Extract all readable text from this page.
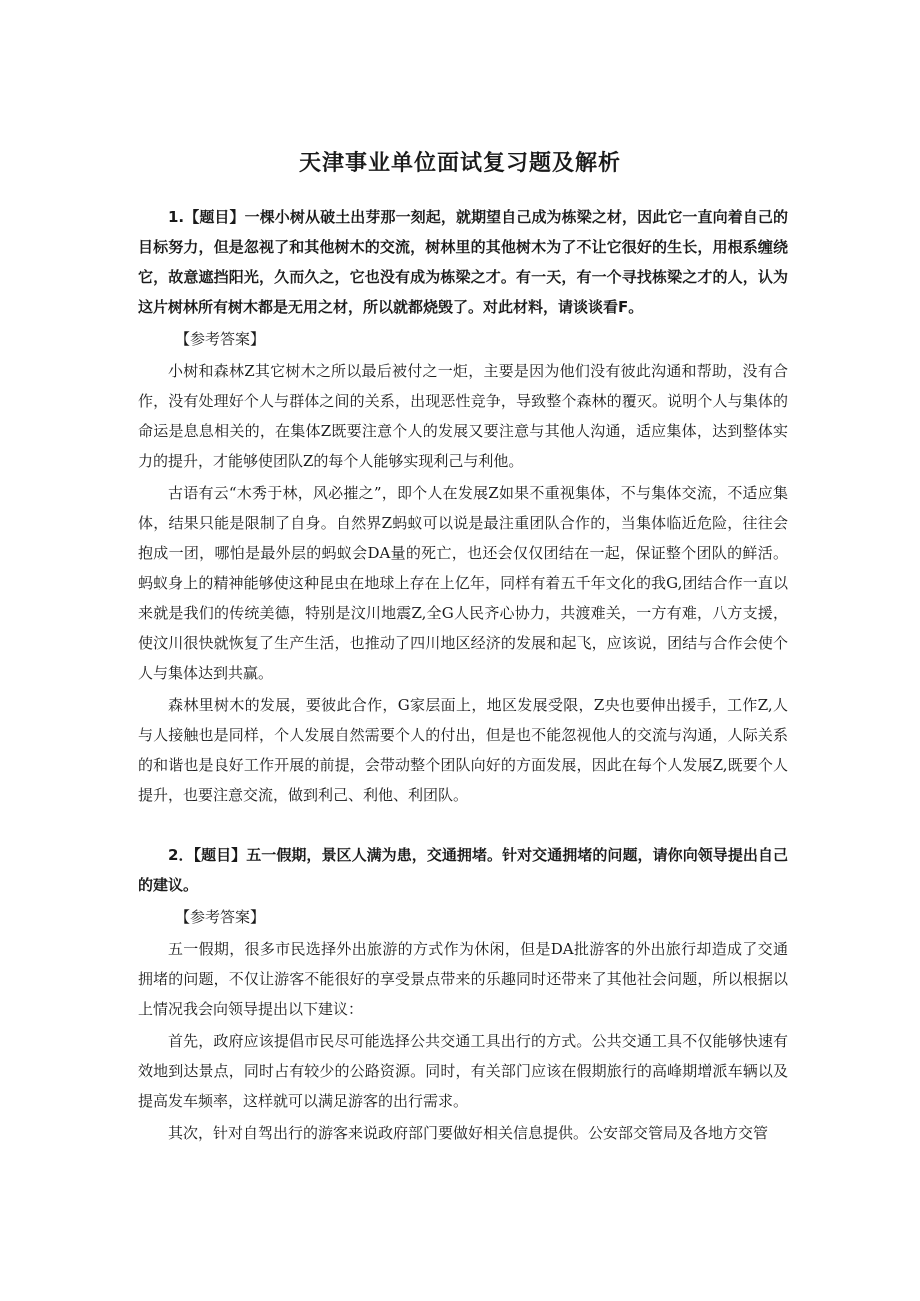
天津事业单位面试复习题及解析

1.【题目】一棵小树从破土出芽那一刻起，就期望自己成为栋梁之材，因此它一直向着自己的目标努力，但是忽视了和其他树木的交流，树林里的其他树木为了不让它很好的生长，用根系缠绕它，故意遮挡阳光，久而久之，它也没有成为栋梁之才。有一天，有一个寻找栋梁之才的人，认为这片树林所有树木都是无用之材，所以就都烧毁了。对此材料，请谈谈看F。

【参考答案】

小树和森林Z其它树木之所以最后被付之一炬，主要是因为他们没有彼此沟通和帮助，没有合作，没有处理好个人与群体之间的关系，出现恶性竞争，导致整个森林的覆灭。说明个人与集体的命运是息息相关的，在集体Z既要注意个人的发展又要注意与其他人沟通，适应集体，达到整体实力的提升，才能够使团队Z的每个人能够实现利己与利他。

古语有云“木秀于林，风必摧之”，即个人在发展Z如果不重视集体，不与集体交流，不适应集体，结果只能是限制了自身。自然界Z蚂蚁可以说是最注重团队合作的，当集体临近危险，往往会抱成一团，哪怕是最外层的蚂蚁会DA量的死亡，也还会仅仅团结在一起，保证整个团队的鲜活。蚂蚁身上的精神能够使这种昆虫在地球上存在上亿年，同样有着五千年文化的我G,团结合作一直以来就是我们的传统美德，特别是汶川地震Z,全G人民齐心协力，共渡难关，一方有难，八方支援，使汶川很快就恢复了生产生活，也推动了四川地区经济的发展和起飞，应该说，团结与合作会使个人与集体达到共赢。

森林里树木的发展，要彼此合作，G家层面上，地区发展受限，Z央也要伸出援手，工作Z,人与人接触也是同样，个人发展自然需要个人的付出，但是也不能忽视他人的交流与沟通，人际关系的和谐也是良好工作开展的前提，会带动整个团队向好的方面发展，因此在每个人发展Z,既要个人提升，也要注意交流，做到利己、利他、利团队。

2．【题目】五一假期，景区人满为患，交通拥堵。针对交通拥堵的问题，请你向领导提出自己的建议。

【参考答案】

五一假期，很多市民选择外出旅游的方式作为休闲，但是DA批游客的外出旅行却造成了交通拥堵的问题，不仅让游客不能很好的享受景点带来的乐趣同时还带来了其他社会问题，所以根据以上情况我会向领导提出以下建议：

首先，政府应该提倡市民尽可能选择公共交通工具出行的方式。公共交通工具不仅能够快速有效地到达景点，同时占有较少的公路资源。同时，有关部门应该在假期旅行的高峰期增派车辆以及提高发车频率，这样就可以满足游客的出行需求。

其次，针对自驾出行的游客来说政府部门要做好相关信息提供。公安部交管局及各地方交管
